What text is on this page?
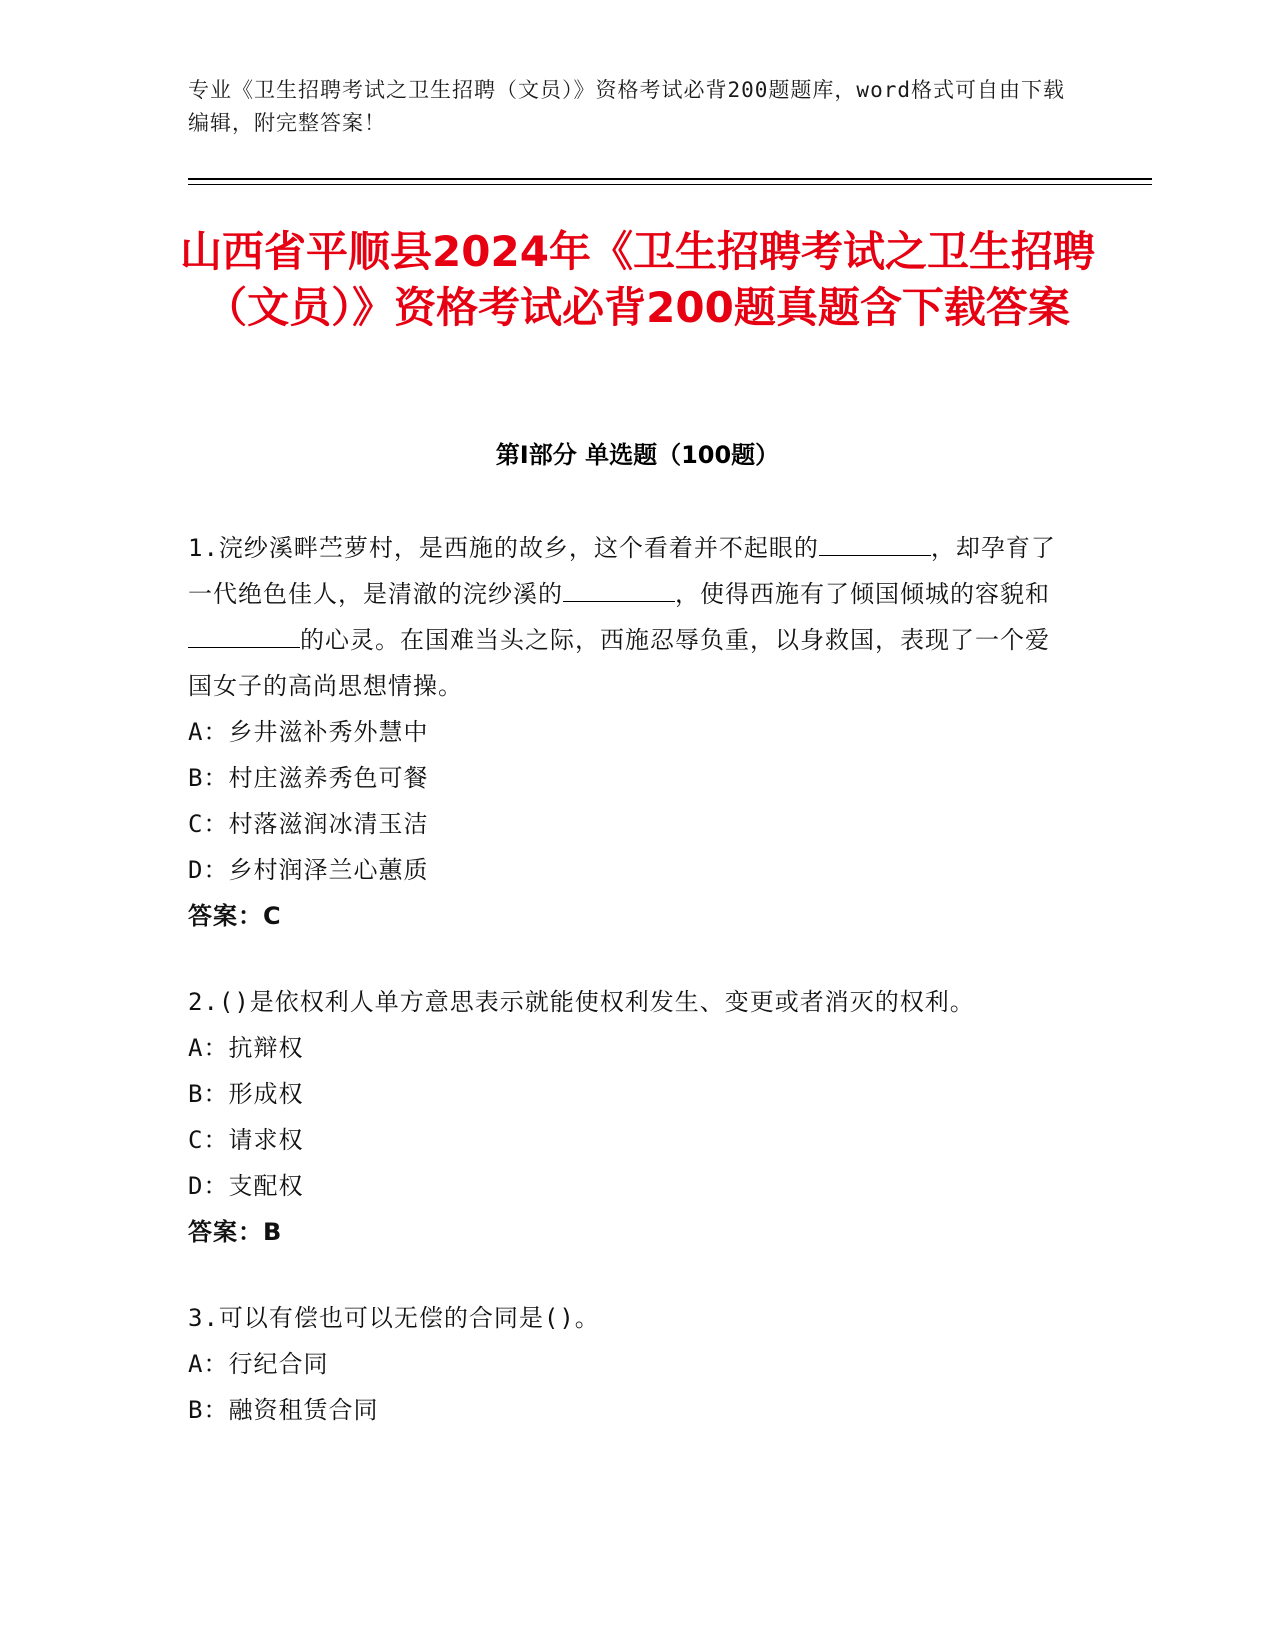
专业《卫生招聘考试之卫生招聘（文员）》资格考试必背200题题库，word格式可自由下载编辑，附完整答案！
山西省平顺县2024年《卫生招聘考试之卫生招聘（文员）》资格考试必背200题真题含下载答案
第Ⅰ部分 单选题（100题）

1.浣纱溪畔苎萝村，是西施的故乡，这个看着并不起眼的	，却孕育了一代绝色佳人，是清澈的浣纱溪的	，使得西施有了倾国倾城的容貌和的心灵。在国难当头之际，西施忍辱负重，以身救国，表现了一个爱国女子的高尚思想情操。

A：乡井滋补秀外慧中

B：村庄滋养秀色可餐

C：村落滋润冰清玉洁

D：乡村润泽兰心蕙质

答案：C

2.()是依权利人单方意思表示就能使权利发生、变更或者消灭的权利。

A：抗辩权

B：形成权

C：请求权

D：支配权

答案：B

3.可以有偿也可以无偿的合同是()。

A：行纪合同

B：融资租赁合同
